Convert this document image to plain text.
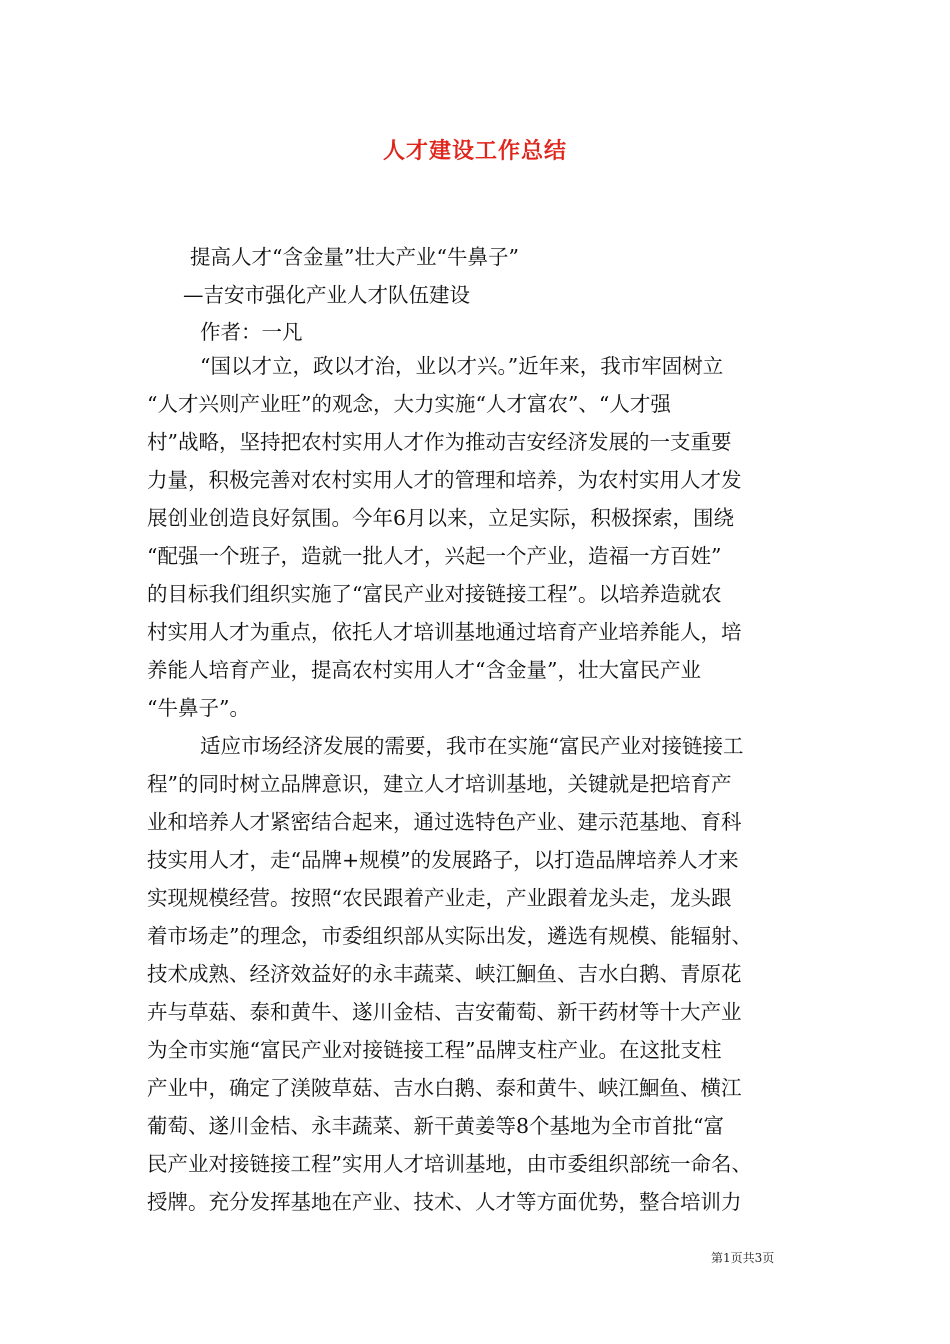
人才建设工作总结
提高人才“含金量”壮大产业“牛鼻子”
—吉安市强化产业人才队伍建设
作者：一凡
“国以才立，政以才治，业以才兴。”近年来，我市牢固树立
“人才兴则产业旺”的观念，大力实施“人才富农”、“人才强
村”战略，坚持把农村实用人才作为推动吉安经济发展的一支重要
力量，积极完善对农村实用人才的管理和培养，为农村实用人才发
展创业创造良好氛围。今年6月以来，立足实际，积极探索，围绕
“配强一个班子，造就一批人才，兴起一个产业，造福一方百姓”
的目标我们组织实施了“富民产业对接链接工程”。以培养造就农
村实用人才为重点，依托人才培训基地通过培育产业培养能人，培
养能人培育产业，提高农村实用人才“含金量”，壮大富民产业
“牛鼻子”。
适应市场经济发展的需要，我市在实施“富民产业对接链接工
程”的同时树立品牌意识，建立人才培训基地，关键就是把培育产
业和培养人才紧密结合起来，通过选特色产业、建示范基地、育科
技实用人才，走“品牌+规模”的发展路子，以打造品牌培养人才来
实现规模经营。按照“农民跟着产业走，产业跟着龙头走，龙头跟
着市场走”的理念，市委组织部从实际出发，遴选有规模、能辐射、
技术成熟、经济效益好的永丰蔬菜、峡江鮰鱼、吉水白鹅、青原花
卉与草菇、泰和黄牛、遂川金桔、吉安葡萄、新干药材等十大产业
为全市实施“富民产业对接链接工程”品牌支柱产业。在这批支柱
产业中，确定了渼陂草菇、吉水白鹅、泰和黄牛、峡江鮰鱼、横江
葡萄、遂川金桔、永丰蔬菜、新干黄姜等8个基地为全市首批“富
民产业对接链接工程”实用人才培训基地，由市委组织部统一命名、
授牌。充分发挥基地在产业、技术、人才等方面优势，整合培训力
第1页共3页
